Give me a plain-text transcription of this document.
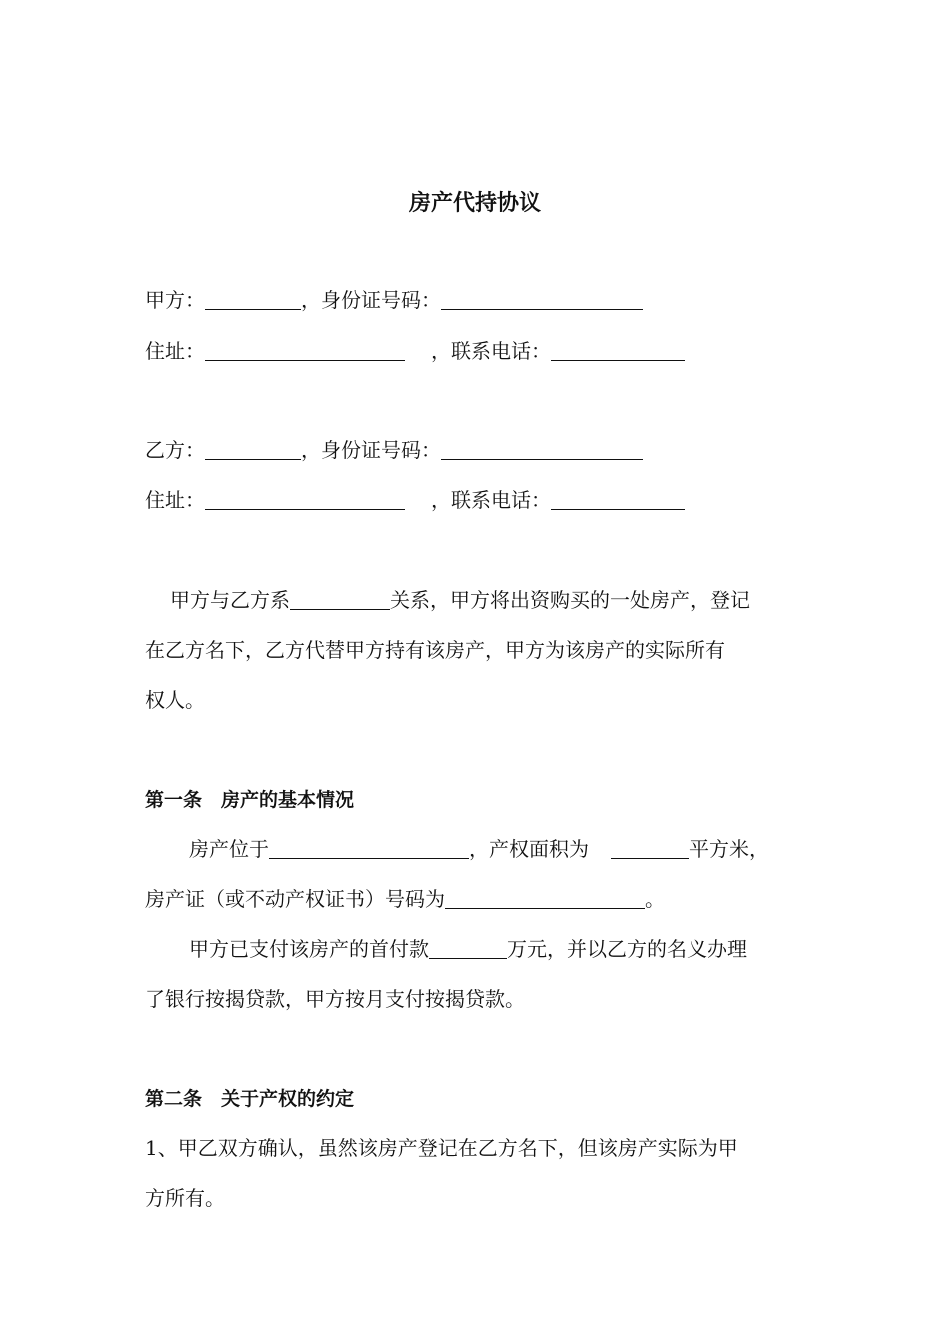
房产代持协议
甲方：	，身份证号码：
住址：	，联系电话：
乙方：	，身份证号码：
住址：	，联系电话：
甲方与乙方系	关系，甲方将出资购买的一处房产，登记
在乙方名下，乙方代替甲方持有该房产，甲方为该房产的实际所有
权人。
第一条　房产的基本情况
房产位于	，产权面积为	平方米，
房产证（或不动产权证书）号码为	。
甲方已支付该房产的首付款	万元，并以乙方的名义办理
了银行按揭贷款，甲方按月支付按揭贷款。
第二条　关于产权的约定
1、甲乙双方确认，虽然该房产登记在乙方名下，但该房产实际为甲
方所有。
